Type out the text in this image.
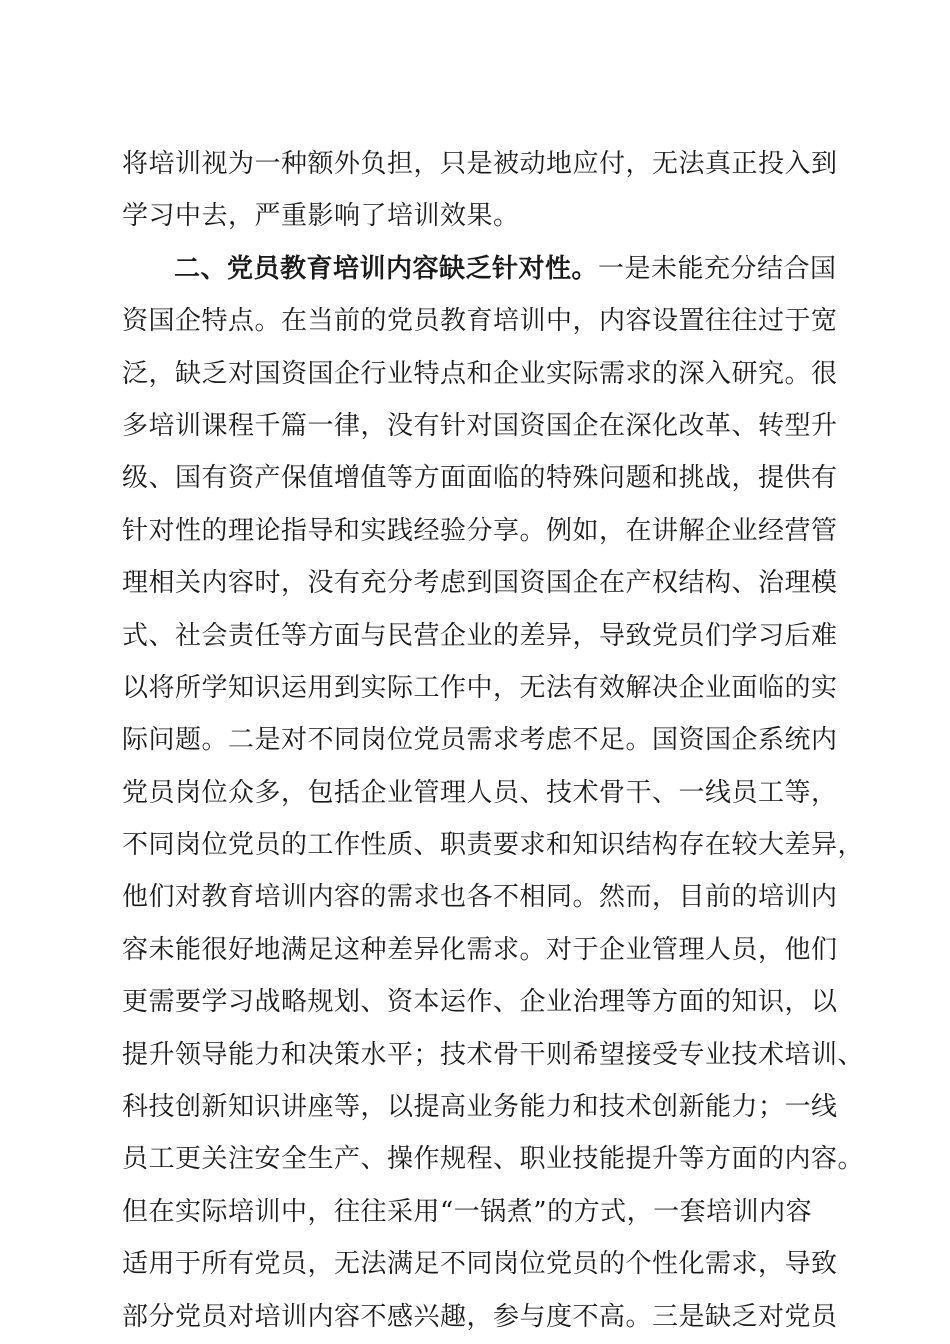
将培训视为一种额外负担，只是被动地应付，无法真正投入到
学习中去，严重影响了培训效果。
二、党员教育培训内容缺乏针对性。一是未能充分结合国
资国企特点。在当前的党员教育培训中，内容设置往往过于宽
泛，缺乏对国资国企行业特点和企业实际需求的深入研究。很
多培训课程千篇一律，没有针对国资国企在深化改革、转型升
级、国有资产保值增值等方面面临的特殊问题和挑战，提供有
针对性的理论指导和实践经验分享。例如，在讲解企业经营管
理相关内容时，没有充分考虑到国资国企在产权结构、治理模
式、社会责任等方面与民营企业的差异，导致党员们学习后难
以将所学知识运用到实际工作中，无法有效解决企业面临的实
际问题。二是对不同岗位党员需求考虑不足。国资国企系统内
党员岗位众多，包括企业管理人员、技术骨干、一线员工等，
不同岗位党员的工作性质、职责要求和知识结构存在较大差异，
他们对教育培训内容的需求也各不相同。然而，目前的培训内
容未能很好地满足这种差异化需求。对于企业管理人员，他们
更需要学习战略规划、资本运作、企业治理等方面的知识，以
提升领导能力和决策水平；技术骨干则希望接受专业技术培训、
科技创新知识讲座等，以提高业务能力和技术创新能力；一线
员工更关注安全生产、操作规程、职业技能提升等方面的内容。
但在实际培训中，往往采用“一锅煮”的方式，一套培训内容
适用于所有党员，无法满足不同岗位党员的个性化需求，导致
部分党员对培训内容不感兴趣，参与度不高。三是缺乏对党员
